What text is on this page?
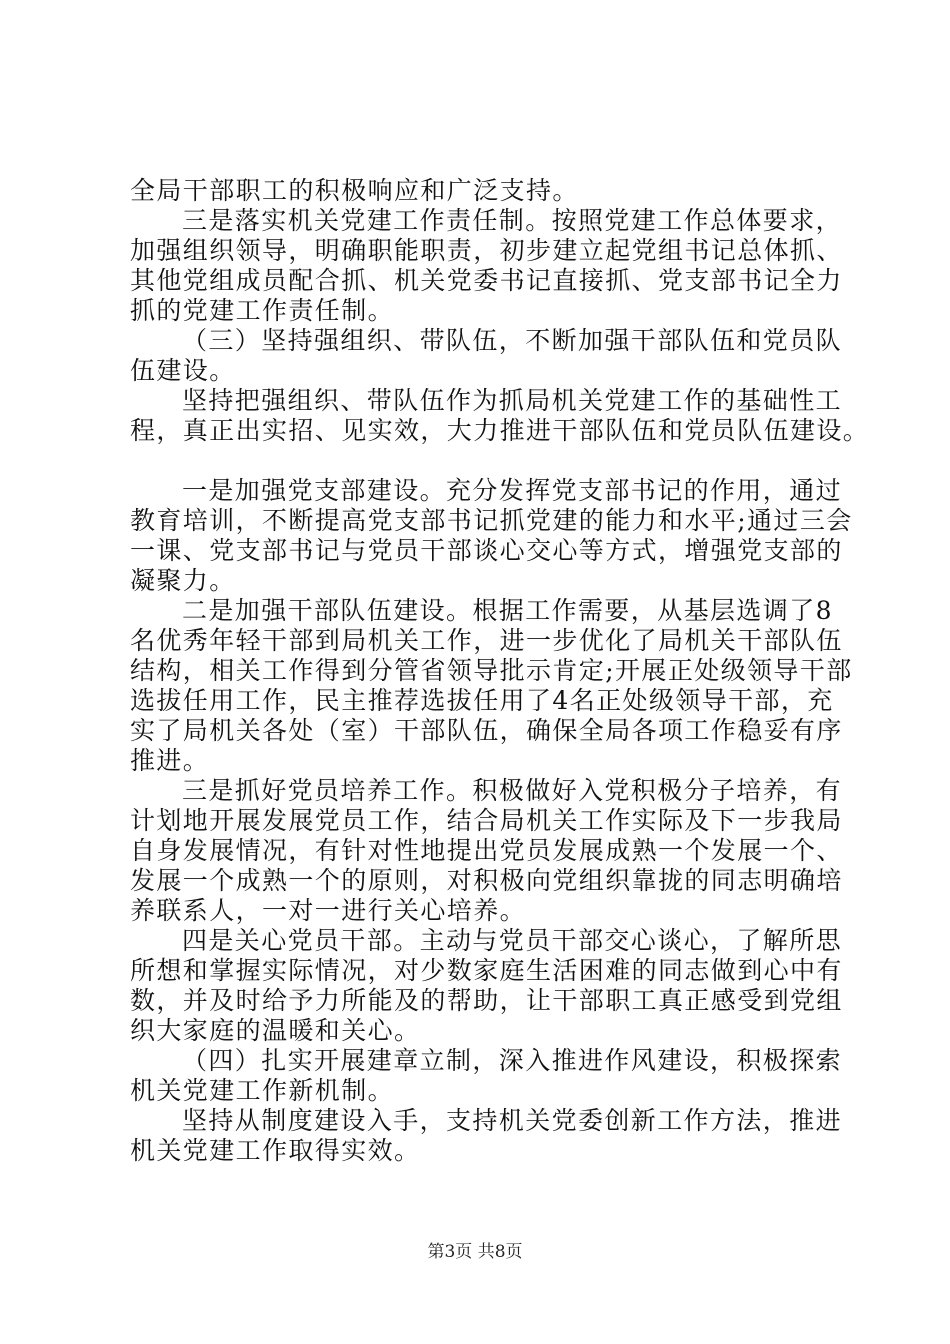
全局干部职工的积极响应和广泛支持。
三是落实机关党建工作责任制。按照党建工作总体要求，
加强组织领导，明确职能职责，初步建立起党组书记总体抓、
其他党组成员配合抓、机关党委书记直接抓、党支部书记全力
抓的党建工作责任制。
（三）坚持强组织、带队伍，不断加强干部队伍和党员队
伍建设。
坚持把强组织、带队伍作为抓局机关党建工作的基础性工
程，真正出实招、见实效，大力推进干部队伍和党员队伍建设。
一是加强党支部建设。充分发挥党支部书记的作用，通过
教育培训，不断提高党支部书记抓党建的能力和水平;通过三会
一课、党支部书记与党员干部谈心交心等方式，增强党支部的
凝聚力。
二是加强干部队伍建设。根据工作需要，从基层选调了8
名优秀年轻干部到局机关工作，进一步优化了局机关干部队伍
结构，相关工作得到分管省领导批示肯定;开展正处级领导干部
选拔任用工作，民主推荐选拔任用了4名正处级领导干部，充
实了局机关各处（室）干部队伍，确保全局各项工作稳妥有序
推进。
三是抓好党员培养工作。积极做好入党积极分子培养，有
计划地开展发展党员工作，结合局机关工作实际及下一步我局
自身发展情况，有针对性地提出党员发展成熟一个发展一个、
发展一个成熟一个的原则，对积极向党组织靠拢的同志明确培
养联系人，一对一进行关心培养。
四是关心党员干部。主动与党员干部交心谈心，了解所思
所想和掌握实际情况，对少数家庭生活困难的同志做到心中有
数，并及时给予力所能及的帮助，让干部职工真正感受到党组
织大家庭的温暖和关心。
（四）扎实开展建章立制，深入推进作风建设，积极探索
机关党建工作新机制。
坚持从制度建设入手，支持机关党委创新工作方法，推进
机关党建工作取得实效。
第3页 共8页
